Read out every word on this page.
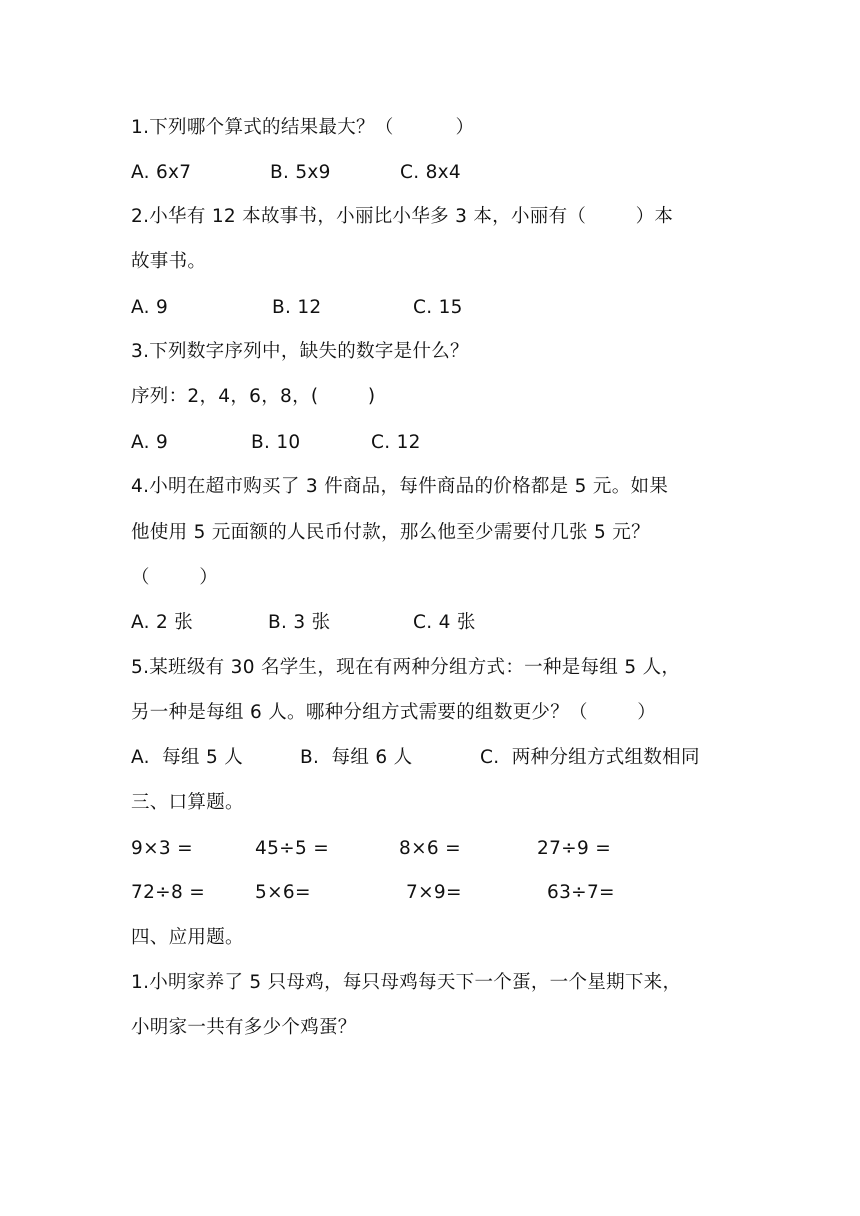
1.下列哪个算式的结果最大？（          ）
A. 6x7	B. 5x9	C. 8x4
2.小华有 12 本故事书，小丽比小华多 3 本，小丽有（        ）本
故事书。
A. 9	B. 12	C. 15
3.下列数字序列中，缺失的数字是什么？
序列：2，4，6，8，(        )
A. 9	B. 10	C. 12
4.小明在超市购买了 3 件商品，每件商品的价格都是 5 元。如果
他使用 5 元面额的人民币付款，那么他至少需要付几张 5 元？
（        ）
A. 2 张	B. 3 张	C. 4 张
5.某班级有 30 名学生，现在有两种分组方式：一种是每组 5 人，
另一种是每组 6 人。哪种分组方式需要的组数更少？（        ）
A.  每组 5 人	B.  每组 6 人	C.  两种分组方式组数相同
三、口算题。
9×3 =	45÷5 =	8×6 =	27÷9 =
72÷8 =	5×6=	7×9=	63÷7=
四、应用题。
1.小明家养了 5 只母鸡，每只母鸡每天下一个蛋，一个星期下来，
小明家一共有多少个鸡蛋？
